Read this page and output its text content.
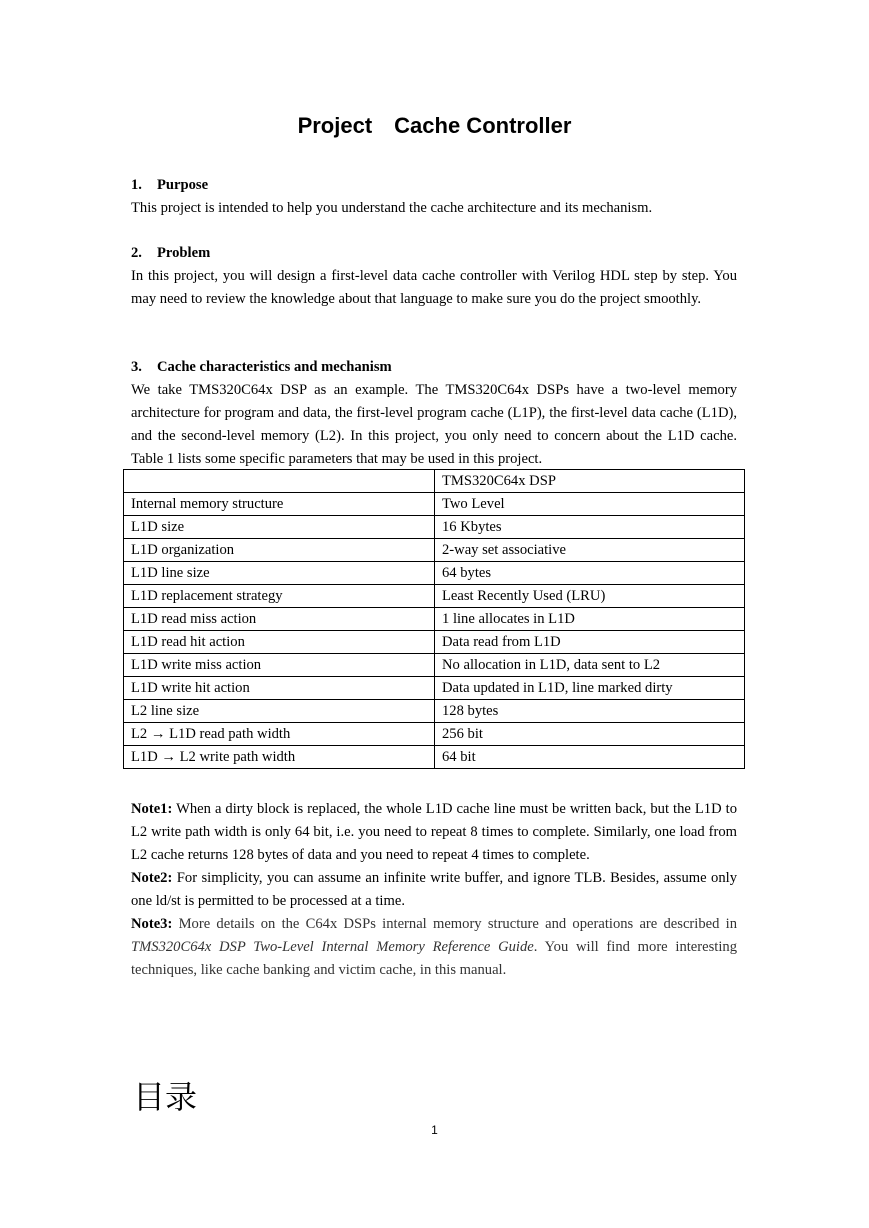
Project Cache Controller
1. Purpose

This project is intended to help you understand the cache architecture and its mechanism.

2. Problem

In this project, you will design a first-level data cache controller with Verilog HDL step by step. You may need to review the knowledge about that language to make sure you do the project smoothly.

3. Cache characteristics and mechanism

We take TMS320C64x DSP as an example. The TMS320C64x DSPs have a two-level memory architecture for program and data, the first-level program cache (L1P), the first-level data cache (L1D), and the second-level memory (L2). In this project, you only need to concern about the L1D cache. Table 1 lists some specific parameters that may be used in this project.

	TMS320C64x DSP
Internal memory structure	Two Level
L1D size	16 Kbytes
L1D organization	2-way set associative
L1D line size	64 bytes
L1D replacement strategy	Least Recently Used (LRU)
L1D read miss action	1 line allocates in L1D
L1D read hit action	Data read from L1D
L1D write miss action	No allocation in L1D, data sent to L2
L1D write hit action	Data updated in L1D, line marked dirty
L2 line size	128 bytes
L2 → L1D read path width	256 bit
L1D → L2 write path width	64 bit

Note1: When a dirty block is replaced, the whole L1D cache line must be written back, but the L1D to L2 write path width is only 64 bit, i.e. you need to repeat 8 times to complete. Similarly, one load from L2 cache returns 128 bytes of data and you need to repeat 4 times to complete.

Note2: For simplicity, you can assume an infinite write buffer, and ignore TLB. Besides, assume only one ld/st is permitted to be processed at a time.

Note3: More details on the C64x DSPs internal memory structure and operations are described in TMS320C64x DSP Two-Level Internal Memory Reference Guide. You will find more interesting techniques, like cache banking and victim cache, in this manual.

目录
1
